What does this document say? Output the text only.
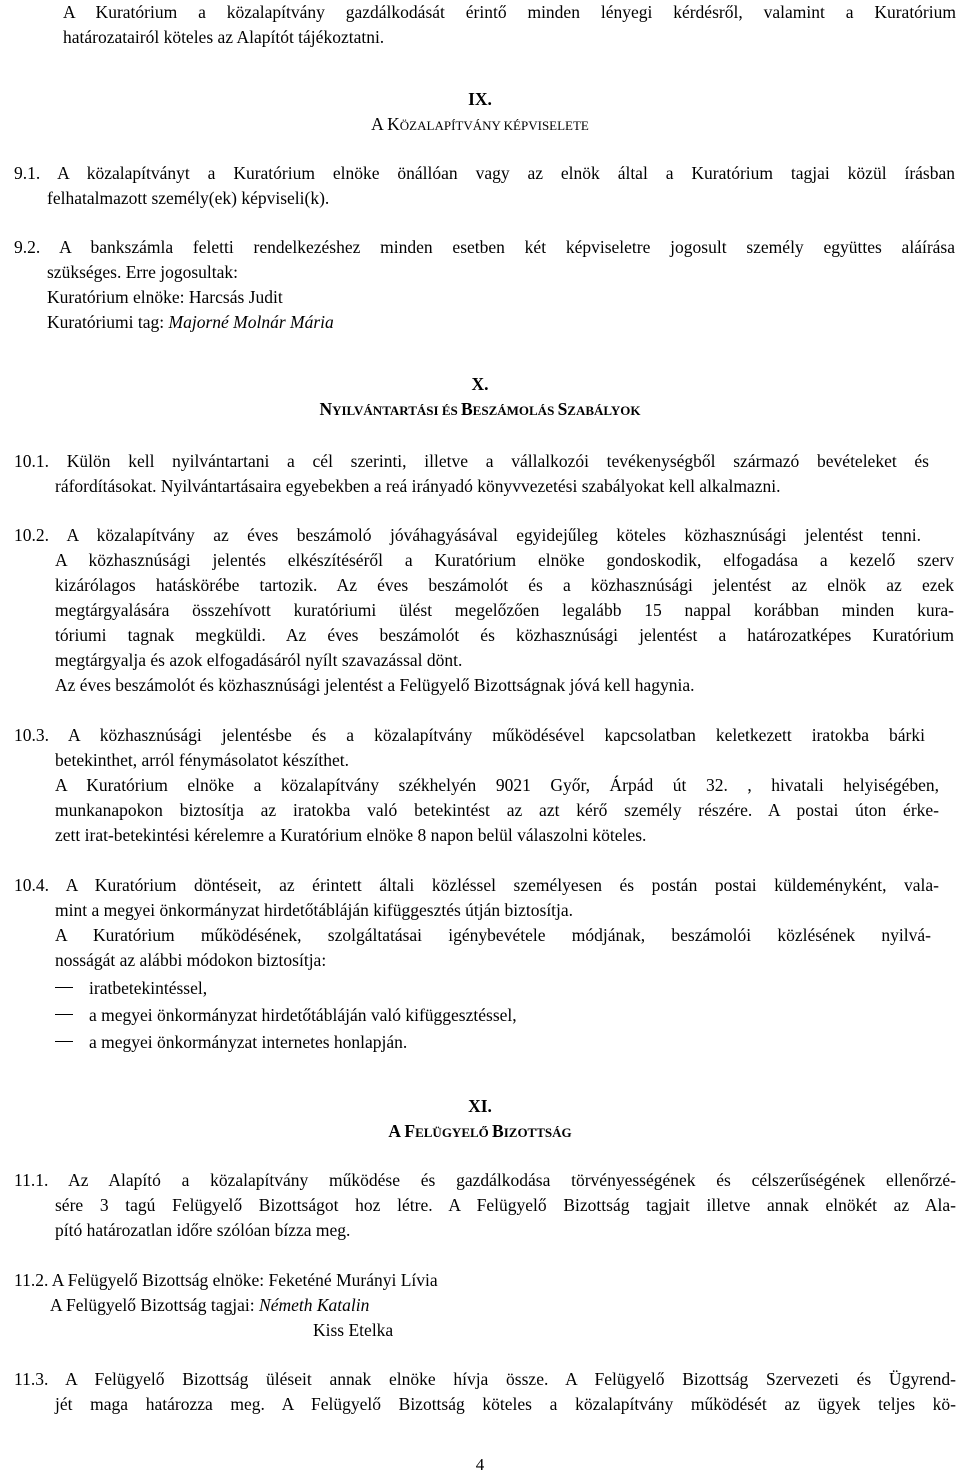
A Kuratórium a közalapítvány gazdálkodását érintő minden lényegi kérdésről, valamint a Kuratórium
határozatairól köteles az Alapítót tájékoztatni.
IX.
A KÖZALAPÍTVÁNY KÉPVISELETE
9.1. A közalapítványt a Kuratórium elnöke önállóan vagy az elnök által a Kuratórium tagjai közül írásban
felhatalmazott személy(ek) képviseli(k).
9.2. A bankszámla feletti rendelkezéshez minden esetben két képviseletre jogosult személy együttes aláírása
szükséges. Erre jogosultak:
Kuratórium elnöke: Harcsás Judit
Kuratóriumi tag: Majorné Molnár Mária
X.
NYILVÁNTARTÁSI ÉS BESZÁMOLÁS SZABÁLYOK
10.1. Külön kell nyilvántartani a cél szerinti, illetve a vállalkozói tevékenységből származó bevételeket és
ráfordításokat. Nyilvántartásaira egyebekben a reá irányadó könyvvezetési szabályokat kell alkalmazni.
10.2. A közalapítvány az éves beszámoló jóváhagyásával egyidejűleg köteles közhasznúsági jelentést tenni.
A közhasznúsági jelentés elkészítéséről a Kuratórium elnöke gondoskodik, elfogadása a kezelő szerv
kizárólagos hatáskörébe tartozik. Az éves beszámolót és a közhasznúsági jelentést az elnök az ezek
megtárgyalására összehívott kuratóriumi ülést megelőzően legalább 15 nappal korábban minden kura-
tóriumi tagnak megküldi. Az éves beszámolót és közhasznúsági jelentést a határozatképes Kuratórium
megtárgyalja és azok elfogadásáról nyílt szavazással dönt.
Az éves beszámolót és közhasznúsági jelentést a Felügyelő Bizottságnak jóvá kell hagynia.
10.3. A közhasznúsági jelentésbe és a közalapítvány működésével kapcsolatban keletkezett iratokba bárki
betekinthet, arról fénymásolatot készíthet.
A Kuratórium elnöke a közalapítvány székhelyén 9021 Győr, Árpád út 32. , hivatali helyiségében,
munkanapokon biztosítja az iratokba való betekintést az azt kérő személy részére. A postai úton érke-
zett irat-betekintési kérelemre a Kuratórium elnöke 8 napon belül válaszolni köteles.
10.4. A Kuratórium döntéseit, az érintett általi közléssel személyesen és postán postai küldeményként, vala-
mint a megyei önkormányzat hirdetőtábláján kifüggesztés útján biztosítja.
A Kuratórium működésének, szolgáltatásai igénybevétele módjának, beszámolói közlésének nyilvá-
nosságát az alábbi módokon biztosítja:
iratbetekintéssel,
a megyei önkormányzat hirdetőtábláján való kifüggesztéssel,
a megyei önkormányzat internetes honlapján.
XI.
A FELÜGYELŐ BIZOTTSÁG
11.1. Az Alapító a közalapítvány működése és gazdálkodása törvényességének és célszerűségének ellenőrzé-
sére 3 tagú Felügyelő Bizottságot hoz létre. A Felügyelő Bizottság tagjait illetve annak elnökét az Ala-
pító határozatlan időre szólóan bízza meg.
11.2. A Felügyelő Bizottság elnöke: Feketéné Murányi Lívia
A Felügyelő Bizottság tagjai: Németh Katalin
Kiss Etelka
11.3. A Felügyelő Bizottság üléseit annak elnöke hívja össze. A Felügyelő Bizottság Szervezeti és Ügyrend-
jét maga határozza meg. A Felügyelő Bizottság köteles a közalapítvány működését az ügyek teljes kö-
4
